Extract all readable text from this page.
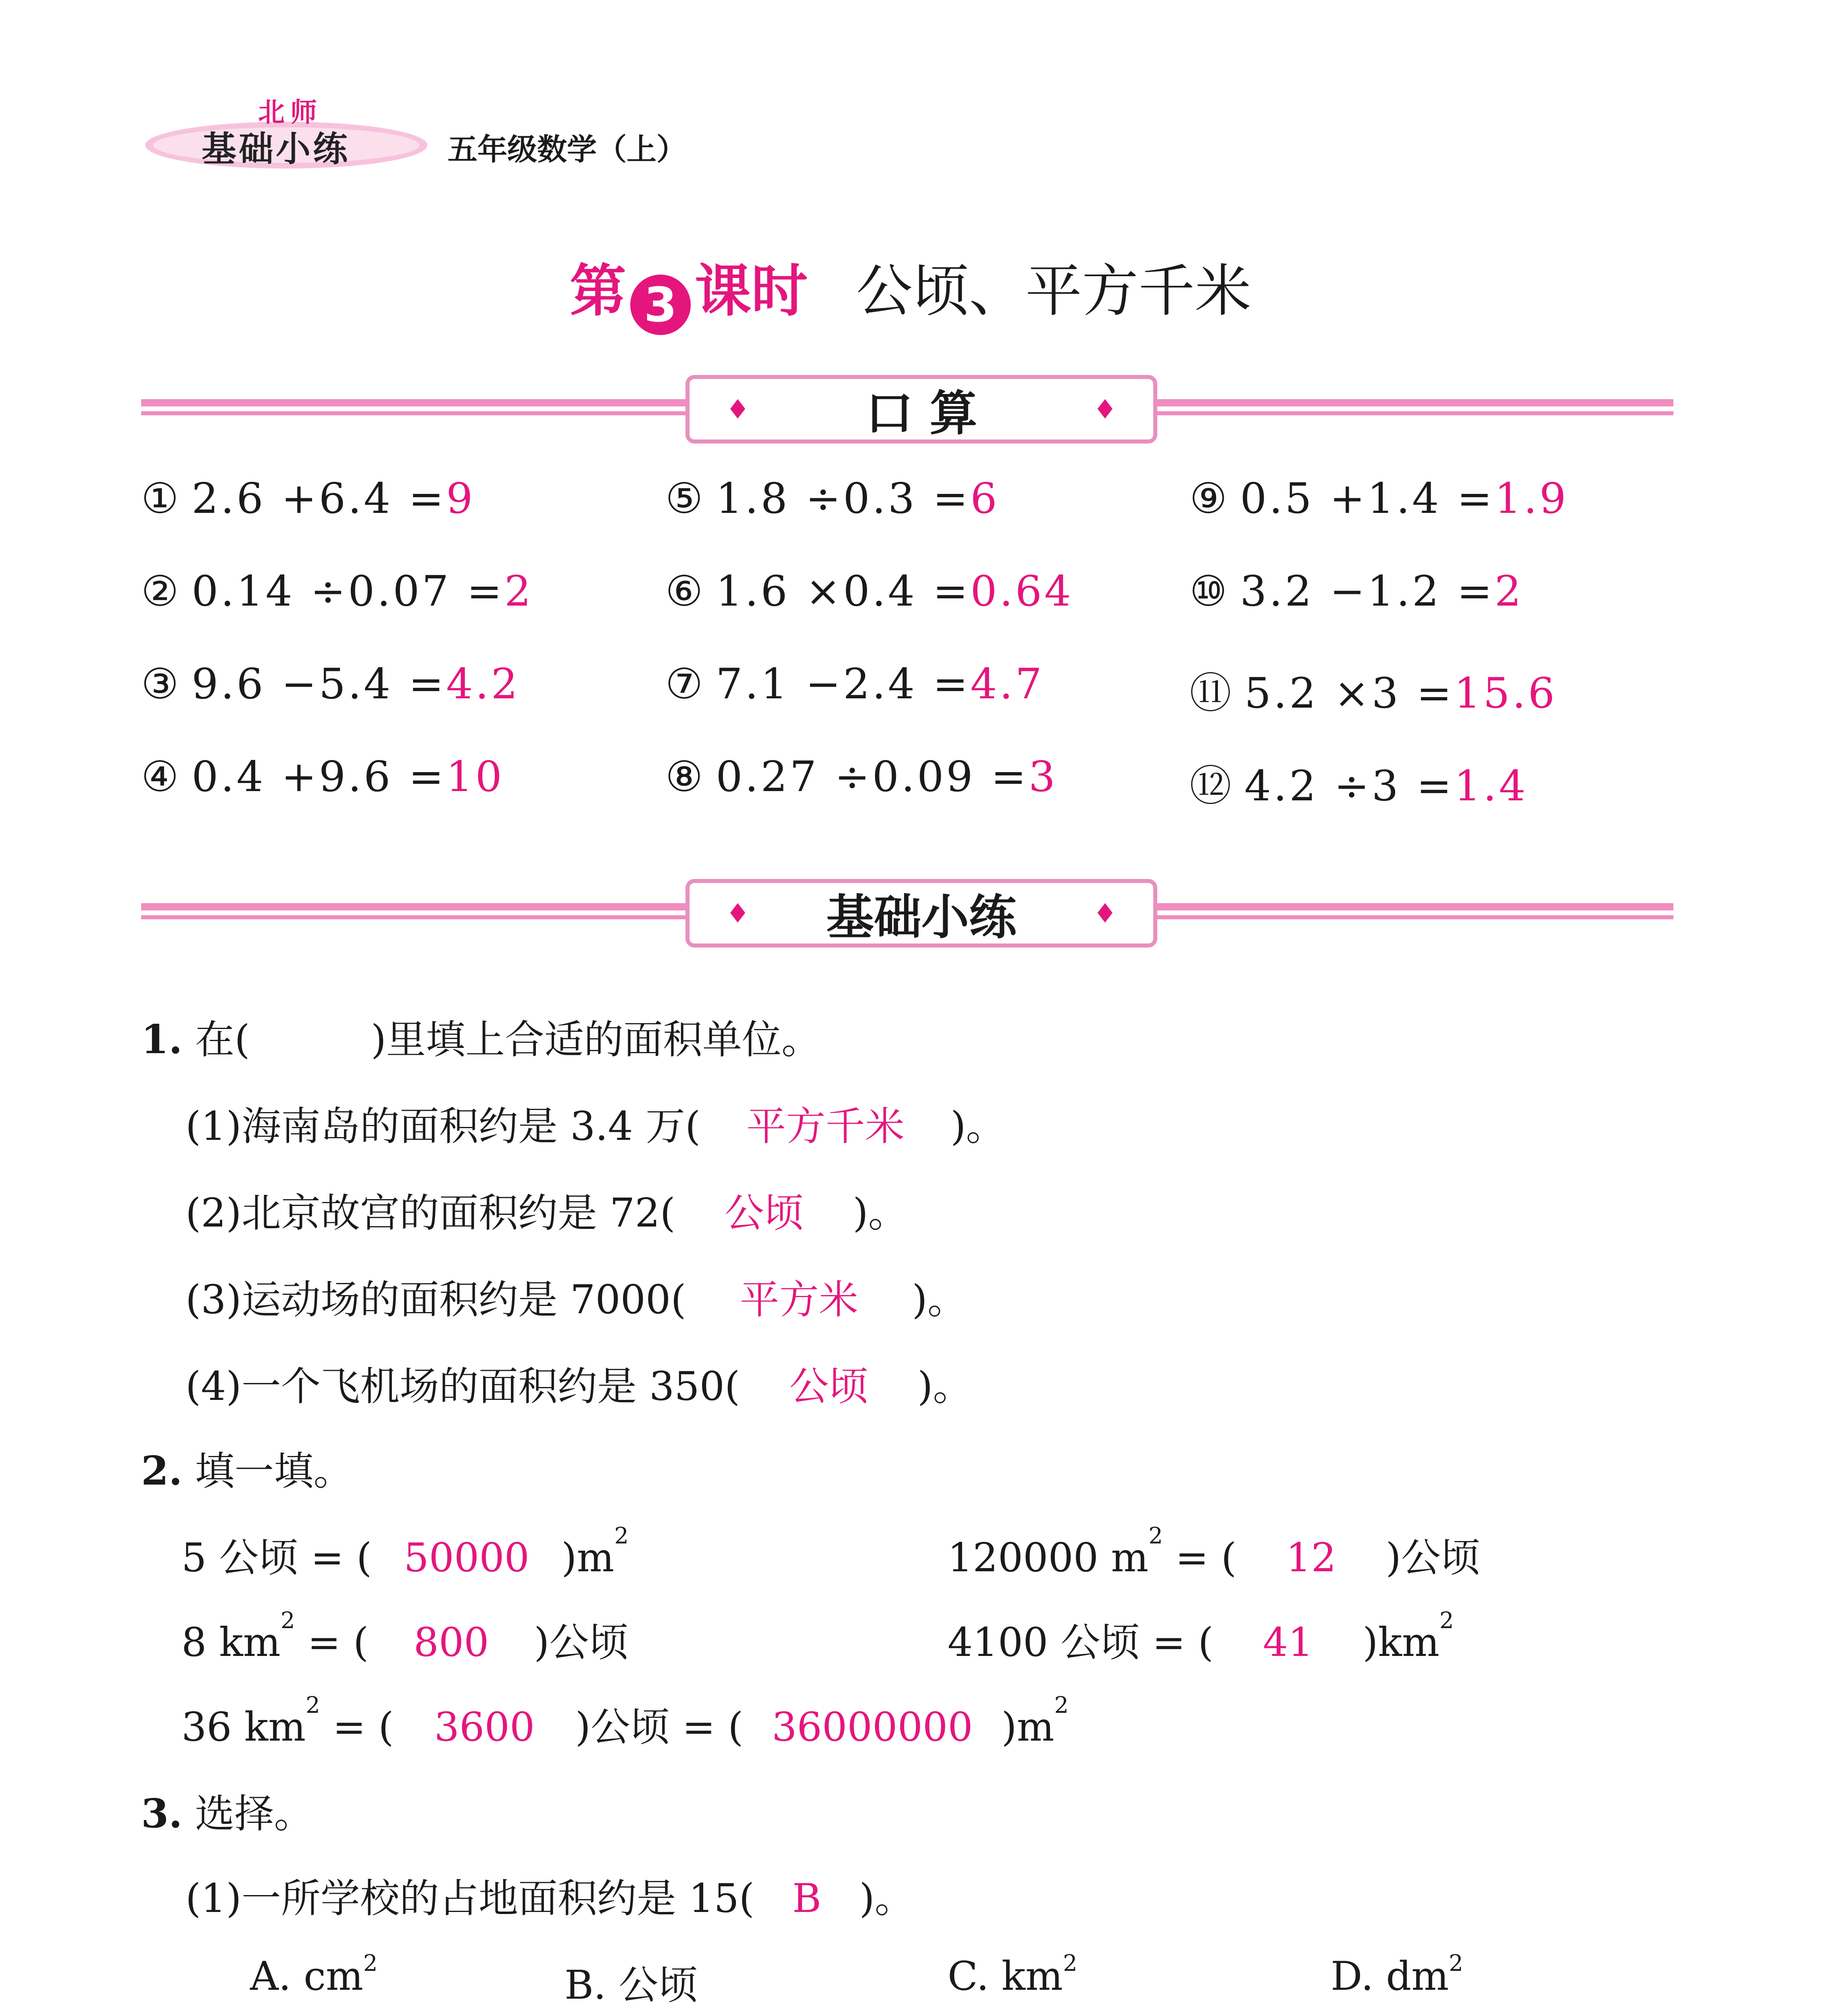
北师
基础小练	五年级数学（上）
第 3 课时 公顷、平方千米
♦ 口 算	♦
① 2.6 +6.4 =9	⑤ 1.8 ÷0.3 =6	⑨ 0.5 +1.4 =1.9
② 0.14 ÷0.07 =2	⑥ 1.6 ×0.4 =0.64	⑩ 3.2 −1.2 =2
③ 9.6 −5.4 =4.2	⑦ 7.1 −2.4 =4.7	⑪ 5.2 ×3 =15.6
④ 0.4 +9.6 =10	⑧ 0.27 ÷0.09 =3	⑫ 4.2 ÷3 =1.4
♦ 基础小练	♦
1. 在(	)里填上合适的面积单位。
(1)海南岛的面积约是 3.4 万( 平方千米 )。
(2)北京故宫的面积约是 72( 公顷 )。
(3)运动场的面积约是 7000( 平方米 )。
(4)一个飞机场的面积约是 350( 公顷 )。
2. 填一填。
5 公顷 = ( 50000 )$m^2$	120000 $m^2$ = ( 12 )公顷
8 $km^2$ = ( 800 )公顷	4100 公顷 = ( 41 )$km^2$
36 $km^2$ = ( 3600 )公顷 = ( 36000000 )$m^2$
3. 选择。
(1)一所学校的占地面积约是 15( B )。
A. $cm^2$	B. 公顷	C. $km^2$	D. $dm^2$
